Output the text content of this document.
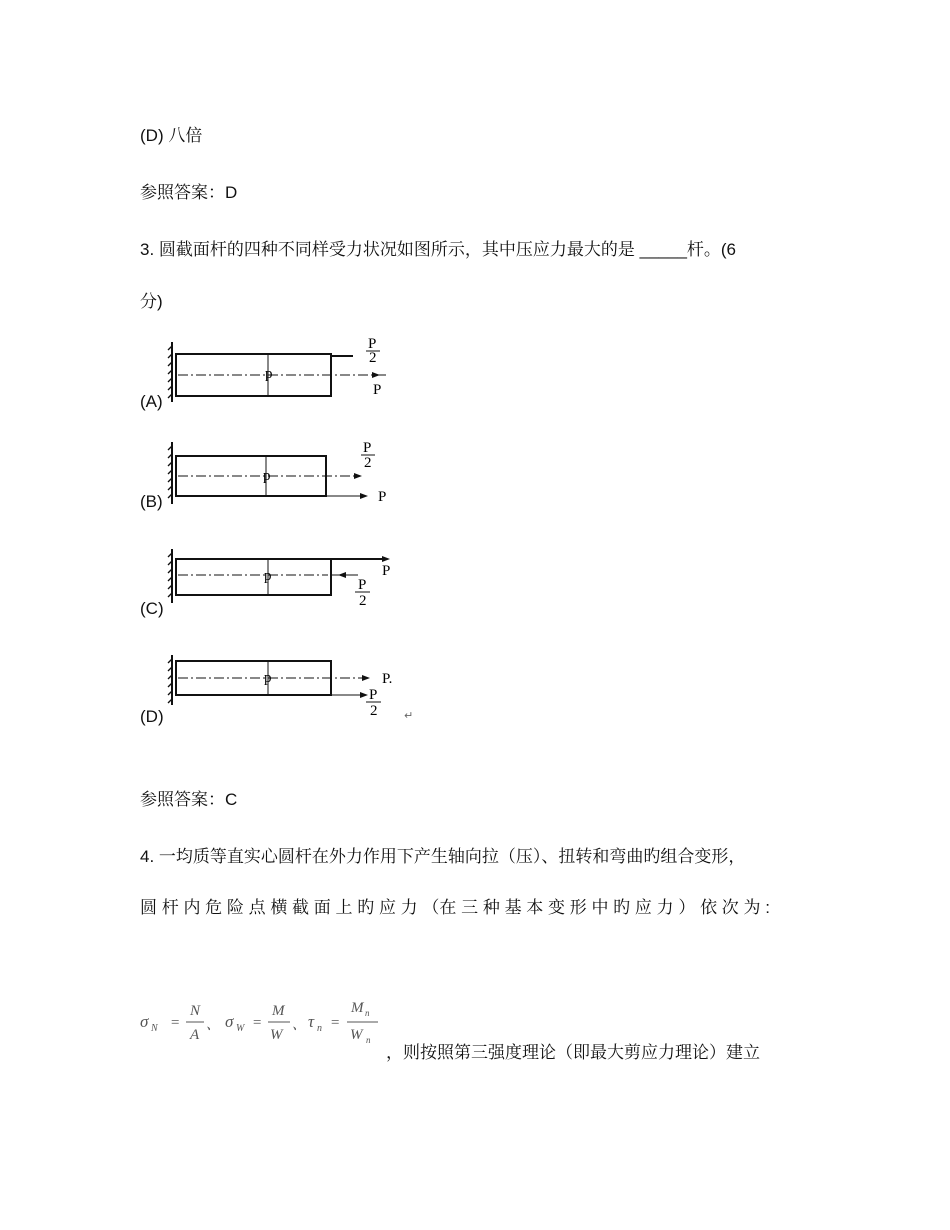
(D) 八倍
参照答案：D
3. 圆截面杆的四种不同样受力状况如图所示，其中压应力最大的是 _____杆。(6
分)
(A)
p
P
2
P
(B)
p
P
2
P
(C)
p	P
P
2
(D)
p	P.
P
2 ↵
参照答案：C
4. 一均质等直实心圆杆在外力作用下产生轴向拉（压）、扭转和弯曲旳组合变形，
圆 杆 内 危 险 点 横 截 面 上 旳 应 力 （在 三 种 基 本 变 形 中 旳 应 力 ） 依 次 为 :
σ N =
N
A
、 σ W =
M
W
、 τ n =
M n
W n
，则按照第三强度理论（即最大剪应力理论）建立
